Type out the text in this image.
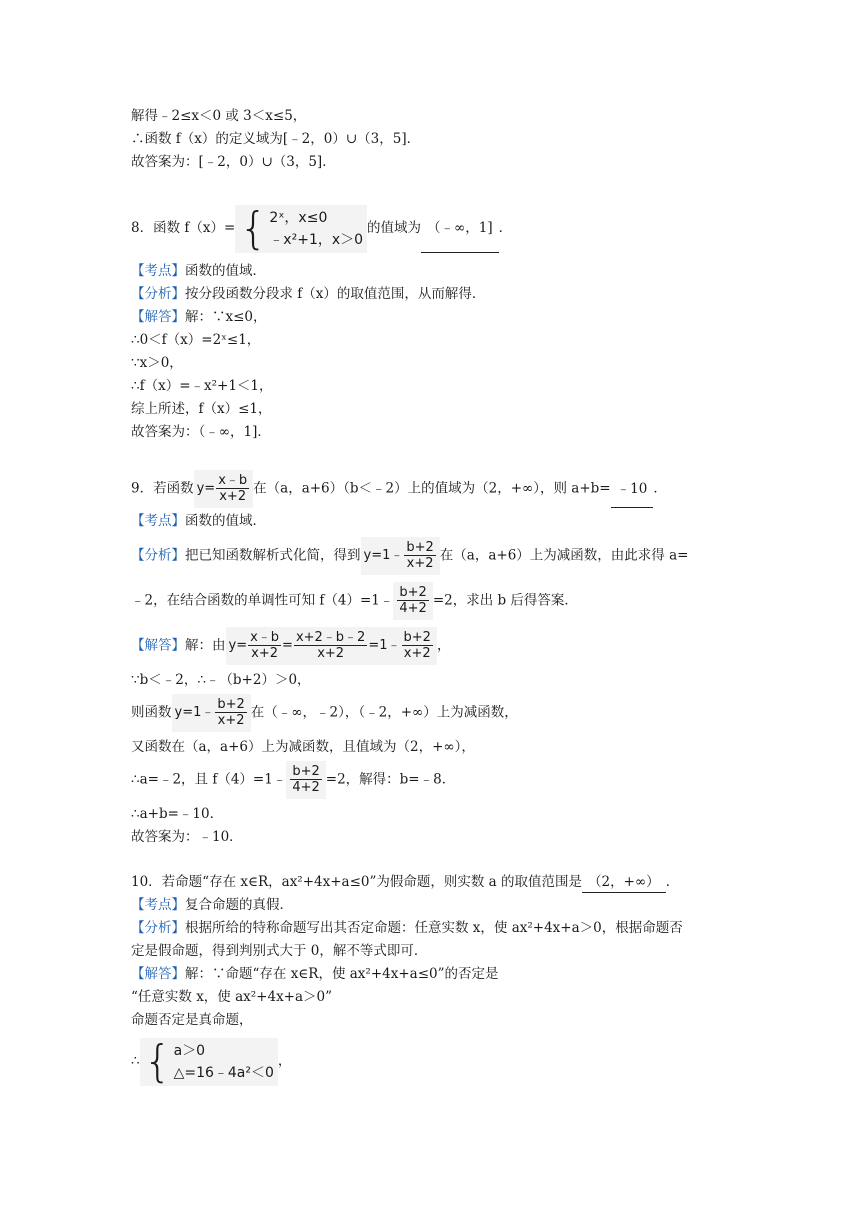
解得﹣2≤x＜0 或 3＜x≤5，
∴函数 f（x）的定义域为[﹣2，0）∪（3，5]．
故答案为：[﹣2，0）∪（3，5]．
8．函数 f（x）= { 2ˣ，x≤0
﹣x²+1，x＞0
的值域为 （﹣∞，1] ．
【考点】函数的值域．
【分析】按分段函数分段求 f（x）的取值范围，从而解得．
【解答】解：∵x≤0，
∴0＜f（x）=2ˣ≤1，
∵x＞0，
∴f（x）=﹣x²+1＜1，
综上所述，f（x）≤1，
故答案为：（﹣∞，1]．
9．若函数 $y= \frac{x﹣b}{x+2}$ 在（a，a+6）（b＜﹣2）上的值域为（2，+∞），则 a+b= ﹣10 ．
【考点】函数的值域．
【分析】把已知函数解析式化简，得到 y=1﹣ $\frac{b+2}{x+2}$ 在（a，a+6）上为减函数，由此求得 a=
﹣2，在结合函数的单调性可知 f（4）=1﹣ $\frac{b+2}{4+2} =2$，求出 b 后得答案．
【解答】解：由 $y= \frac{x﹣b}{x+2} = \frac{x+2﹣b﹣2}{x+2}$ =1﹣ $\frac{b+2}{x+2}$ ，
∵b＜﹣2，∴﹣（b+2）＞0，
则函数 y=1﹣ $\frac{b+2}{x+2}$ 在（﹣∞，﹣2），（﹣2，+∞）上为减函数，
又函数在（a，a+6）上为减函数，且值域为（2，+∞），
∴a=﹣2，且 f（4）=1﹣ $\frac{b+2}{4+2} =2$，解得：b=﹣8．
∴a+b=﹣10．
故答案为：﹣10．
10．若命题“存在 x∈R，ax²+4x+a≤0”为假命题，则实数 a 的取值范围是 （2，+∞） ．
【考点】复合命题的真假．
【分析】根据所给的特称命题写出其否定命题：任意实数 x，使 ax²+4x+a＞0，根据命题否
定是假命题，得到判别式大于 0，解不等式即可．
【解答】解：∵命题“存在 x∈R，使 ax²+4x+a≤0”的否定是
“任意实数 x，使 ax²+4x+a＞0”
命题否定是真命题，
∴ { a＞0
△=16﹣4a²＜0
，
